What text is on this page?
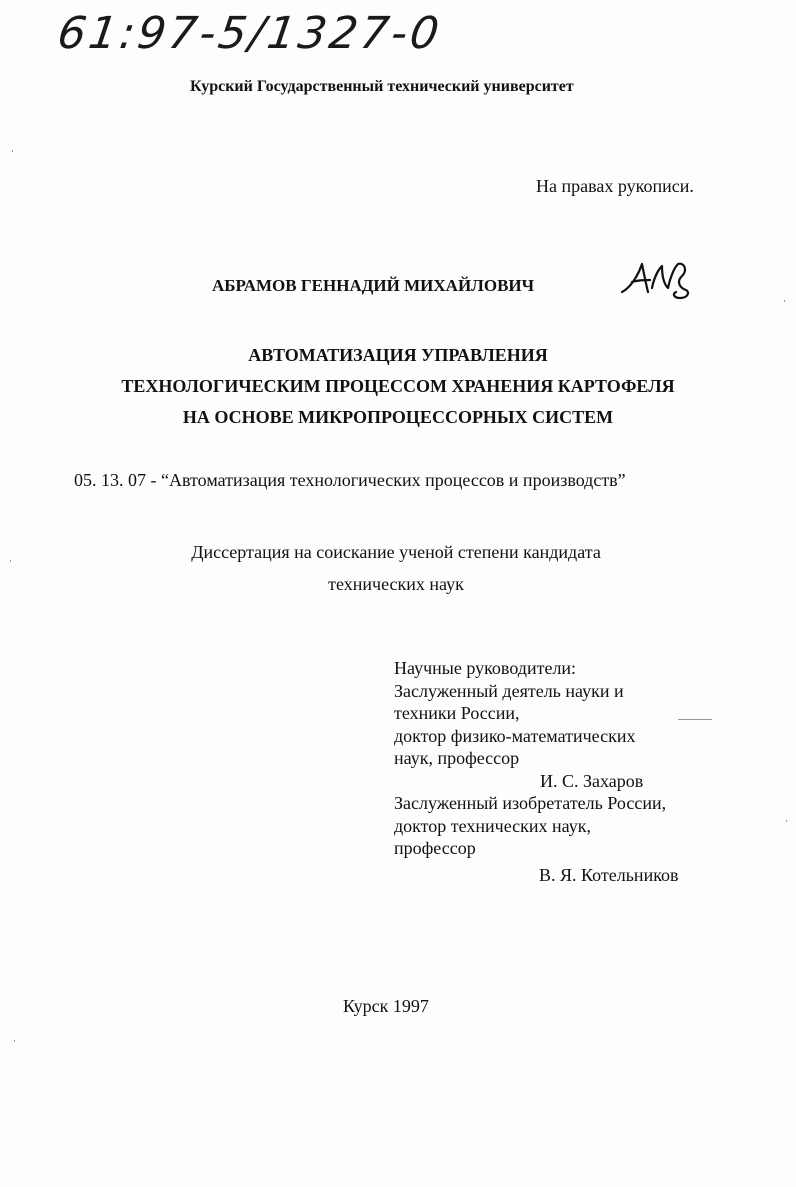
61:97-5/1327-0
Курский Государственный технический университет
На правах рукописи.
АБРАМОВ ГЕННАДИЙ МИХАЙЛОВИЧ
АВТОМАТИЗАЦИЯ УПРАВЛЕНИЯ
ТЕХНОЛОГИЧЕСКИМ ПРОЦЕССОМ ХРАНЕНИЯ КАРТОФЕЛЯ
НА ОСНОВЕ МИКРОПРОЦЕССОРНЫХ СИСТЕМ
05. 13. 07 - “Автоматизация технологических процессов и производств”
Диссертация на соискание ученой степени кандидата
технических наук
Научные руководители:
Заслуженный деятель науки и
техники России,
доктор физико-математических
наук, профессор
И. С. Захаров
Заслуженный изобретатель России,
доктор технических наук,
профессор
В. Я. Котельников
Курск 1997
